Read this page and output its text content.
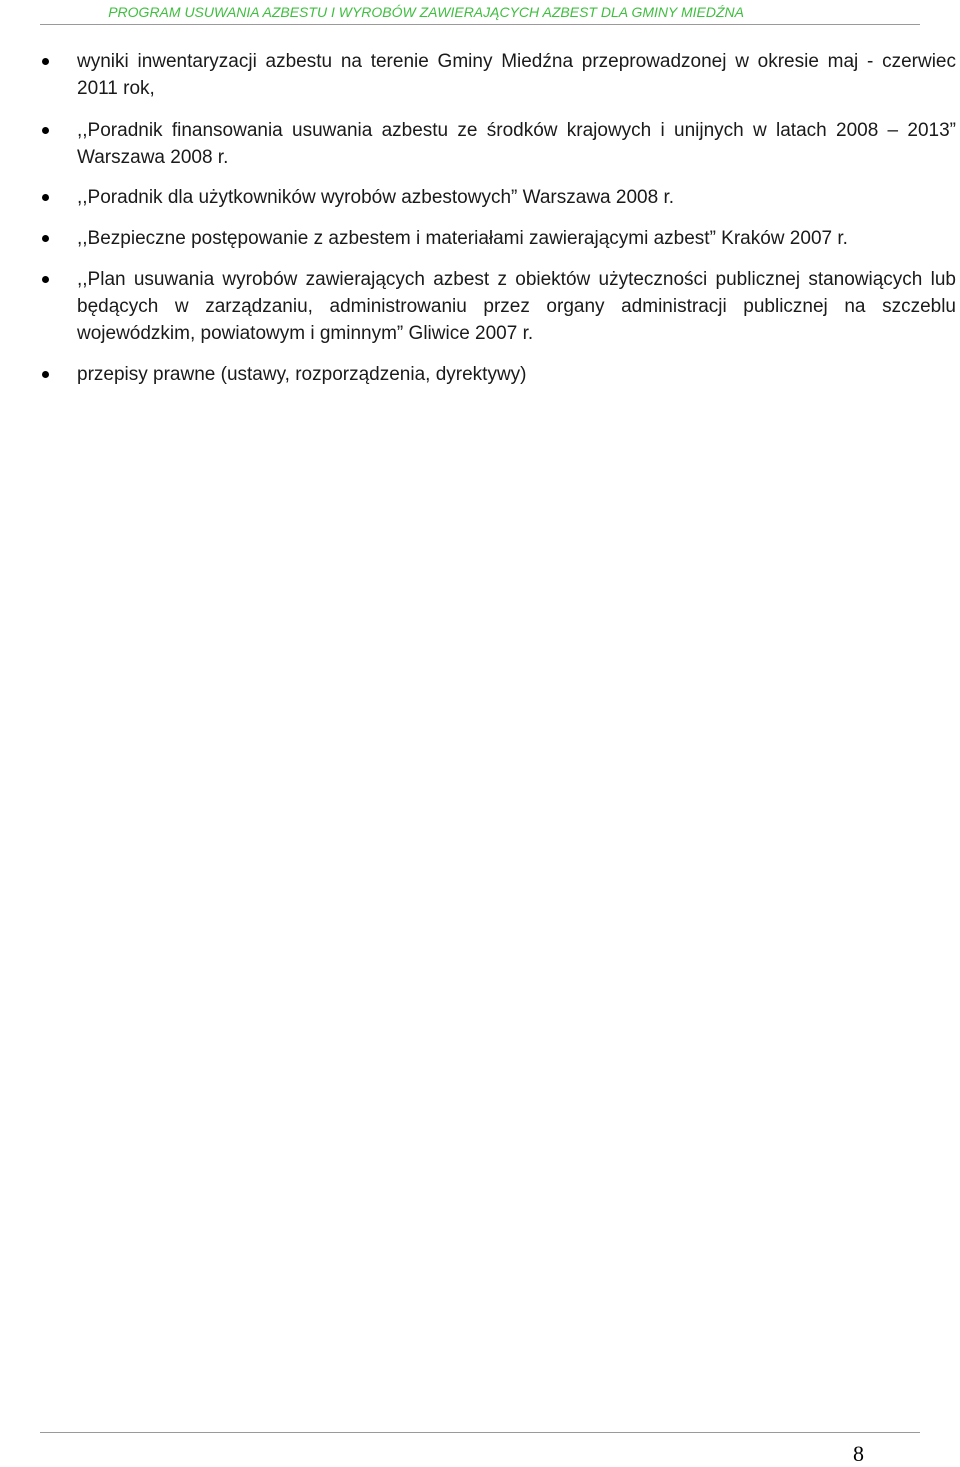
PROGRAM USUWANIA AZBESTU I WYROBÓW ZAWIERAJĄCYCH AZBEST DLA GMINY MIEDŹNA
wyniki inwentaryzacji azbestu na terenie Gminy Miedźna przeprowadzonej w okresie maj - czerwiec 2011 rok,
,,Poradnik finansowania usuwania azbestu ze środków krajowych i unijnych w latach 2008 – 2013” Warszawa 2008 r.
,,Poradnik dla użytkowników wyrobów azbestowych” Warszawa 2008 r.
,,Bezpieczne postępowanie z azbestem i materiałami zawierającymi azbest” Kraków 2007 r.
,,Plan usuwania wyrobów zawierających azbest z obiektów użyteczności publicznej stanowiących lub będących w zarządzaniu, administrowaniu przez organy administracji publicznej na szczeblu wojewódzkim, powiatowym i gminnym” Gliwice 2007 r.
przepisy prawne (ustawy, rozporządzenia, dyrektywy)
8
